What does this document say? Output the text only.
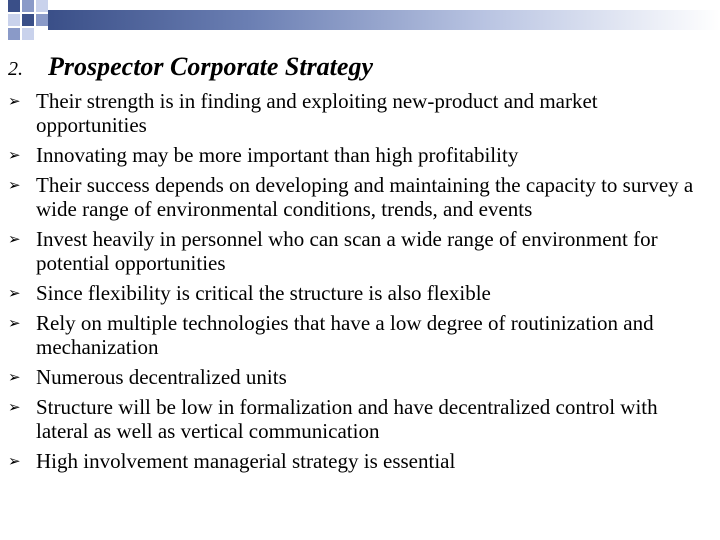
2. Prospector Corporate Strategy
➢ Their strength is in finding and exploiting new-product and market opportunities
➢ Innovating may be more important than high profitability
➢ Their success depends on developing and maintaining the capacity to survey a wide range of environmental conditions, trends, and events
➢ Invest heavily in personnel who can scan a wide range of environment for potential opportunities
➢ Since flexibility is critical the structure is also flexible
➢ Rely on multiple technologies that have a low degree of routinization and mechanization
➢ Numerous decentralized units
➢ Structure will be low in formalization and have decentralized control with lateral as well as vertical communication
➢ High involvement managerial strategy is essential
